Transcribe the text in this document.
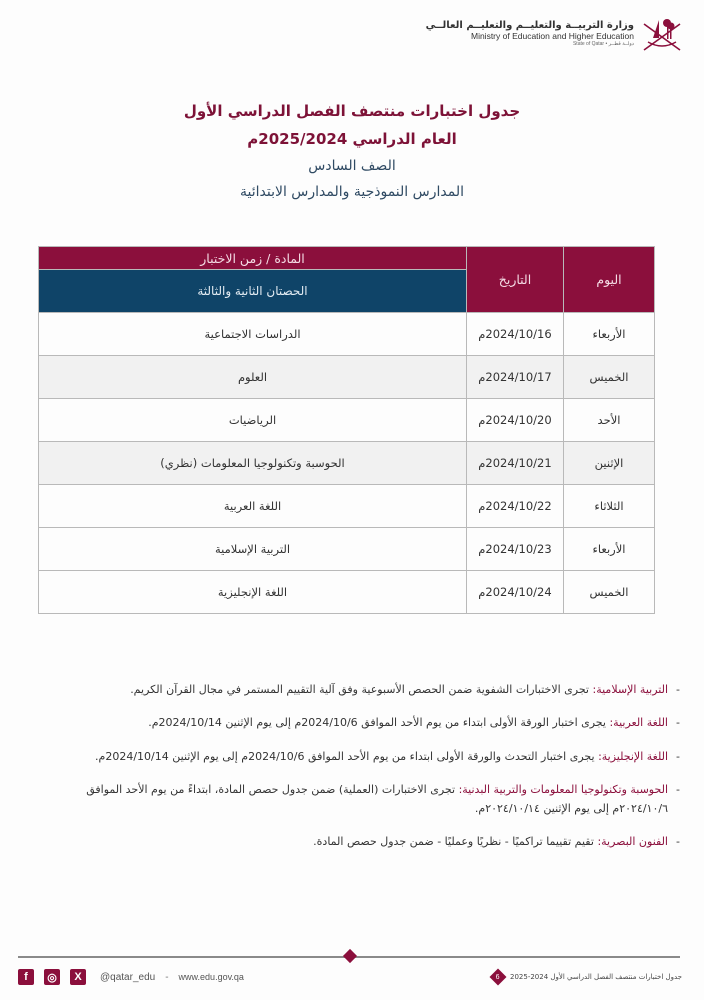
وزارة التربيــة والتعليــم والتعليــم العالــي
Ministry of Education and Higher Education
State of Qatar • دولــة قطــر
جدول اختبارات منتصف الفصل الدراسي الأول
العام الدراسي 2025/2024م
الصف السادس
المدارس النموذجية والمدارس الابتدائية
اليوم	التاريخ	المادة / زمن الاختبار
		الحصتان الثانية والثالثة
الأربعاء	2024/10/16م	الدراسات الاجتماعية
الخميس	2024/10/17م	العلوم
الأحد	2024/10/20م	الرياضيات
الإثنين	2024/10/21م	الحوسبة وتكنولوجيا المعلومات (نظري)
الثلاثاء	2024/10/22م	اللغة العربية
الأربعاء	2024/10/23م	التربية الإسلامية
الخميس	2024/10/24م	اللغة الإنجليزية
-
التربية الإسلامية: تجرى الاختبارات الشفوية ضمن الحصص الأسبوعية وفق آلية التقييم المستمر في مجال القرآن الكريم.
-
اللغة العربية: يجرى اختبار الورقة الأولى ابتداء من يوم الأحد الموافق 2024/10/6م إلى يوم الإثنين 2024/10/14م.
-
اللغة الإنجليزية: يجرى اختبار التحدث والورقة الأولى ابتداء من يوم الأحد الموافق 2024/10/6م إلى يوم الإثنين 2024/10/14م.
-
الحوسبة وتكنولوجيا المعلومات والتربية البدنية: تجرى الاختبارات (العملية) ضمن جدول حصص المادة، ابتداءً من يوم الأحد الموافق ٢٠٢٤/١٠/٦م إلى يوم الإثنين ٢٠٢٤/١٠/١٤م.
-
الفنون البصرية: تقيم تقييما تراكميًا - نظريًا وعمليًا - ضمن جدول حصص المادة.
f	◎	X	@qatar_edu - www.edu.gov.qa	جدول اختبارات منتصف الفصل الدراسي الأول 2024-2025
6
